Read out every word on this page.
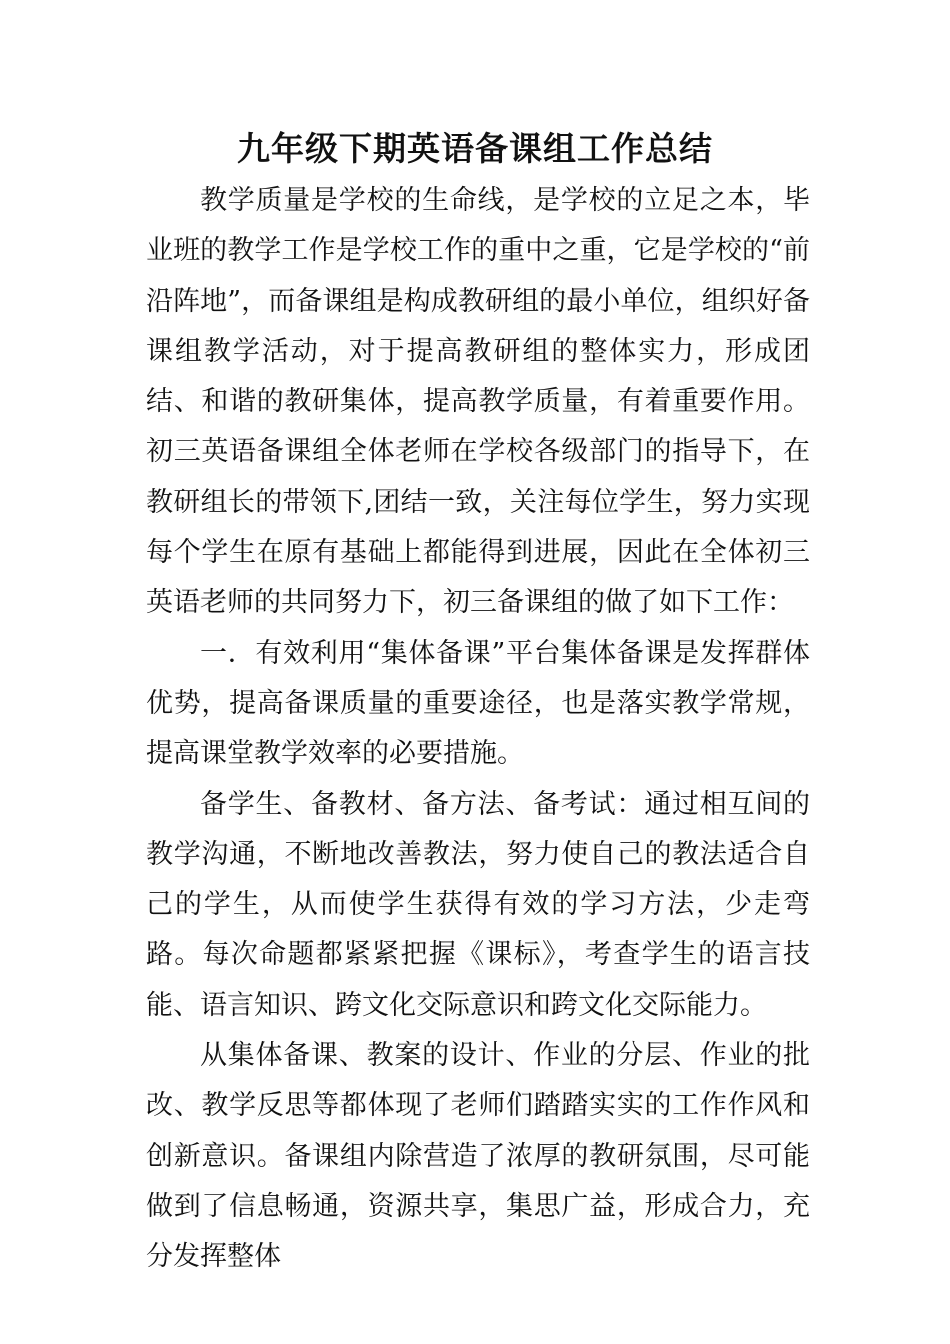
九年级下期英语备课组工作总结

教学质量是学校的生命线，是学校的立足之本，毕业班的教学工作是学校工作的重中之重，它是学校的“前沿阵地”，而备课组是构成教研组的最小单位，组织好备课组教学活动，对于提高教研组的整体实力，形成团结、和谐的教研集体，提高教学质量，有着重要作用。初三英语备课组全体老师在学校各级部门的指导下，在教研组长的带领下,团结一致，关注每位学生，努力实现每个学生在原有基础上都能得到进展，因此在全体初三英语老师的共同努力下，初三备课组的做了如下工作：

一．有效利用“集体备课”平台集体备课是发挥群体优势，提高备课质量的重要途径，也是落实教学常规，提高课堂教学效率的必要措施。

备学生、备教材、备方法、备考试：通过相互间的教学沟通，不断地改善教法，努力使自己的教法适合自己的学生，从而使学生获得有效的学习方法，少走弯路。每次命题都紧紧把握《课标》，考查学生的语言技能、语言知识、跨文化交际意识和跨文化交际能力。

从集体备课、教案的设计、作业的分层、作业的批改、教学反思等都体现了老师们踏踏实实的工作作风和创新意识。备课组内除营造了浓厚的教研氛围，尽可能做到了信息畅通，资源共享，集思广益，形成合力，充分发挥整体
